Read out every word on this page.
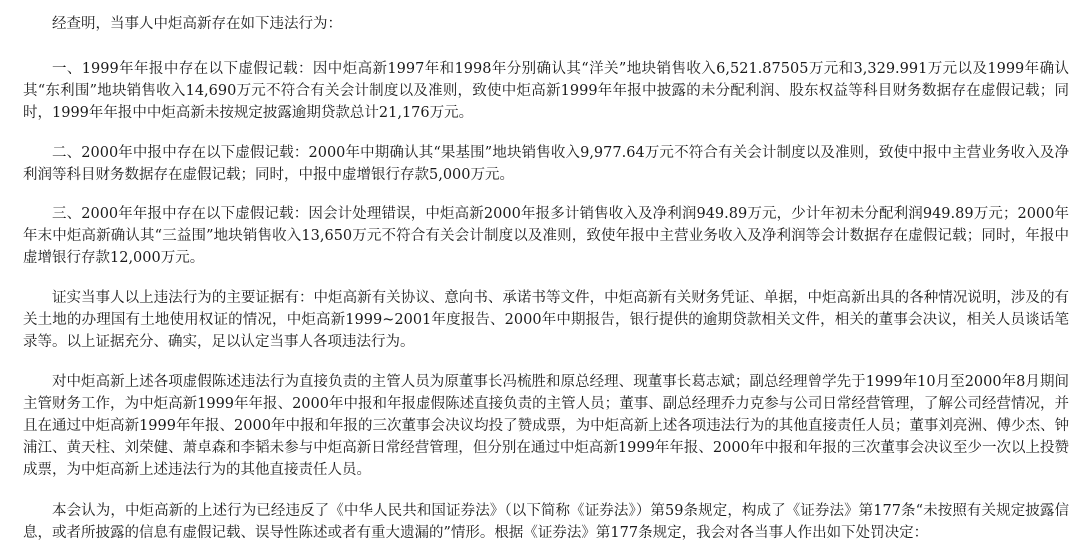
经查明，当事人中炬高新存在如下违法行为：

一、1999年年报中存在以下虚假记载：因中炬高新1997年和1998年分别确认其“洋关”地块销售收入6,521.87505万元和3,329.991万元以及1999年确认其“东利围”地块销售收入14,690万元不符合有关会计制度以及准则，致使中炬高新1999年年报中披露的未分配利润、股东权益等科目财务数据存在虚假记载；同时，1999年年报中中炬高新未按规定披露逾期贷款总计21,176万元。

二、2000年中报中存在以下虚假记载：2000年中期确认其“果基围”地块销售收入9,977.64万元不符合有关会计制度以及准则，致使中报中主营业务收入及净利润等科目财务数据存在虚假记载；同时，中报中虚增银行存款5,000万元。

三、2000年年报中存在以下虚假记载：因会计处理错误，中炬高新2000年报多计销售收入及净利润949.89万元，少计年初未分配利润949.89万元；2000年年末中炬高新确认其“三益围”地块销售收入13,650万元不符合有关会计制度以及准则，致使年报中主营业务收入及净利润等会计数据存在虚假记载；同时，年报中虚增银行存款12,000万元。

证实当事人以上违法行为的主要证据有：中炬高新有关协议、意向书、承诺书等文件，中炬高新有关财务凭证、单据，中炬高新出具的各种情况说明，涉及的有关土地的办理国有土地使用权证的情况，中炬高新1999~2001年度报告、2000年中期报告，银行提供的逾期贷款相关文件，相关的董事会决议，相关人员谈话笔录等。以上证据充分、确实，足以认定当事人各项违法行为。

对中炬高新上述各项虚假陈述违法行为直接负责的主管人员为原董事长冯梳胜和原总经理、现董事长葛志斌；副总经理曾学先于1999年10月至2000年8月期间主管财务工作，为中炬高新1999年年报、2000年中报和年报虚假陈述直接负责的主管人员；董事、副总经理乔力克参与公司日常经营管理，了解公司经营情况，并且在通过中炬高新1999年年报、2000年中报和年报的三次董事会决议均投了赞成票，为中炬高新上述各项违法行为的其他直接责任人员；董事刘亮洲、傅少杰、钟浦江、黄天柱、刘荣健、萧卓森和李韬未参与中炬高新日常经营管理，但分别在通过中炬高新1999年年报、2000年中报和年报的三次董事会决议至少一次以上投赞成票，为中炬高新上述违法行为的其他直接责任人员。

本会认为，中炬高新的上述行为已经违反了《中华人民共和国证券法》（以下简称《证券法》）第59条规定，构成了《证券法》第177条“未按照有关规定披露信息，或者所披露的信息有虚假记载、误导性陈述或者有重大遗漏的”情形。根据《证券法》第177条规定，我会对各当事人作出如下处罚决定：
